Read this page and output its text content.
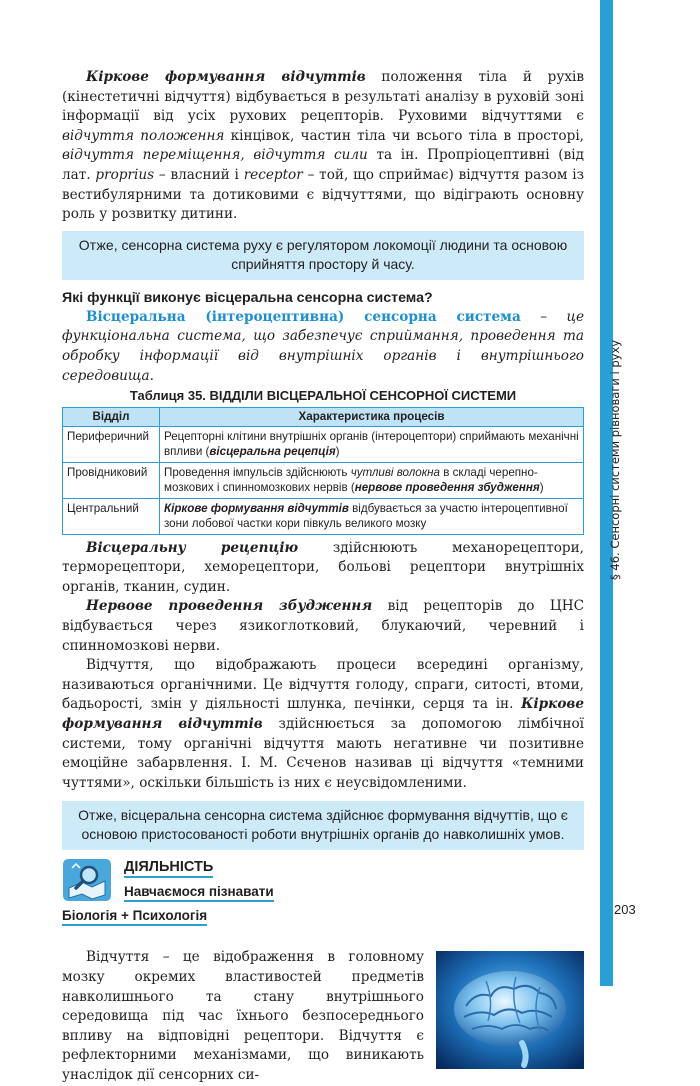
§ 46. Сенсорні системи рівноваги і руху
203

Кіркове формування відчуттів положення тіла й рухів (кінестетичні відчуття) відбувається в результаті аналізу в руховій зоні інформації від усіх рухових рецепторів. Руховими відчуттями є відчуття положення кінцівок, частин тіла чи всього тіла в просторі, відчуття переміщення, відчуття сили та ін. Пропріоцептивні (від лат. proprius – власний і receptor – той, що сприймає) відчуття разом із вестибулярними та дотиковими є відчуттями, що відіграють основну роль у розвитку дитини.

Отже, сенсорна система руху є регулятором локомоції людини та основою сприйняття простору й часу.
Які функції виконує вісцеральна сенсорна система?

Вісцеральна (інтероцептивна) сенсорна система – це функціональна система, що забезпечує сприймання, проведення та обробку інформації від внутрішніх органів і внутрішнього середовища.

Таблиця 35. ВІДДІЛИ ВІСЦЕРАЛЬНОЇ СЕНСОРНОЇ СИСТЕМИ
Відділ	Характеристика процесів
Периферичний	Рецепторні клітини внутрішніх органів (інтероцептори) сприймають механічні впливи (вісцеральна рецепція)
Провідниковий	Проведення імпульсів здійснюють чутливі волокна в складі черепно-мозкових і спинномозкових нервів (нервове проведення збудження)
Центральний	Кіркове формування відчуттів відбувається за участю інтероцептивної зони лобової частки кори півкуль великого мозку

Вісцеральну рецепцію здійснюють механорецептори, терморецептори, хеморецептори, больові рецептори внутрішніх органів, тканин, судин.

Нервове проведення збудження від рецепторів до ЦНС відбувається через язикоглотковий, блукаючий, черевний і спинномозкові нерви.

Відчуття, що відображають процеси всередині організму, називаються органічними. Це відчуття голоду, спраги, ситості, втоми, бадьорості, змін у діяльності шлунка, печінки, серця та ін. Кіркове формування відчуттів здійснюється за допомогою лімбічної системи, тому органічні відчуття мають негативне чи позитивне емоційне забарвлення. І. М. Сєченов називав ці відчуття «темними чуттями», оскільки більшість із них є неусвідомленими.

Отже, вісцеральна сенсорна система здійснює формування відчуттів, що є основою пристосованості роботи внутрішніх органів до навколишніх умов.
ДІЯЛЬНІСТЬ
Навчаємося пізнавати
Біологія + Психологія

Відчуття – це відображення в головному мозку окремих властивостей предметів навколишнього та стану внутрішнього середовища під час їхнього безпосереднього впливу на відповідні рецептори. Відчуття є рефлекторними механізмами, що виникають унаслідок дії сенсорних си-
